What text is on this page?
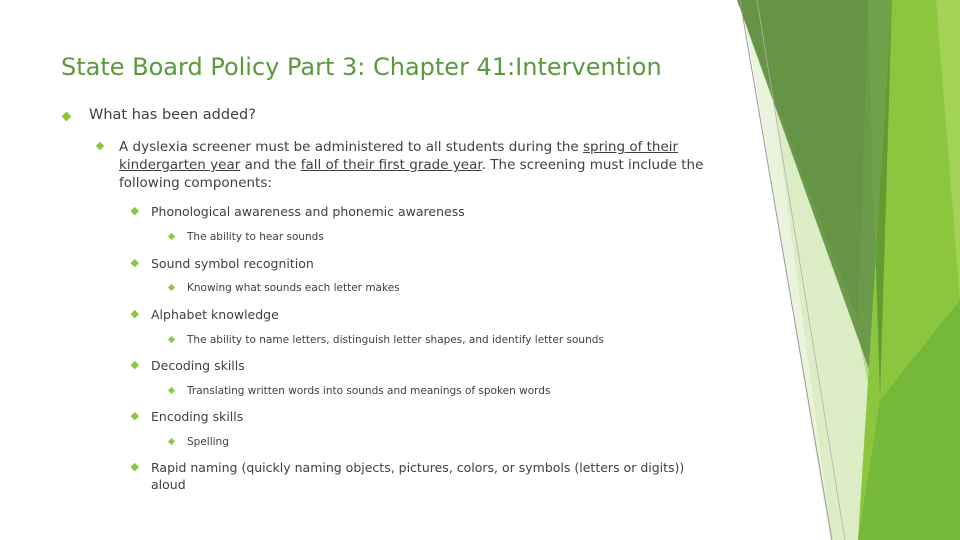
State Board Policy Part 3: Chapter 41:Intervention
What has been added?
A dyslexia screener must be administered to all students during the spring of their kindergarten year and the fall of their first grade year. The screening must include the following components:
Phonological awareness and phonemic awareness
The ability to hear sounds
Sound symbol recognition
Knowing what sounds each letter makes
Alphabet knowledge
The ability to name letters, distinguish letter shapes, and identify letter sounds
Decoding skills
Translating written words into sounds and meanings of spoken words
Encoding skills
Spelling
Rapid naming (quickly naming objects, pictures, colors, or symbols (letters or digits)) aloud
